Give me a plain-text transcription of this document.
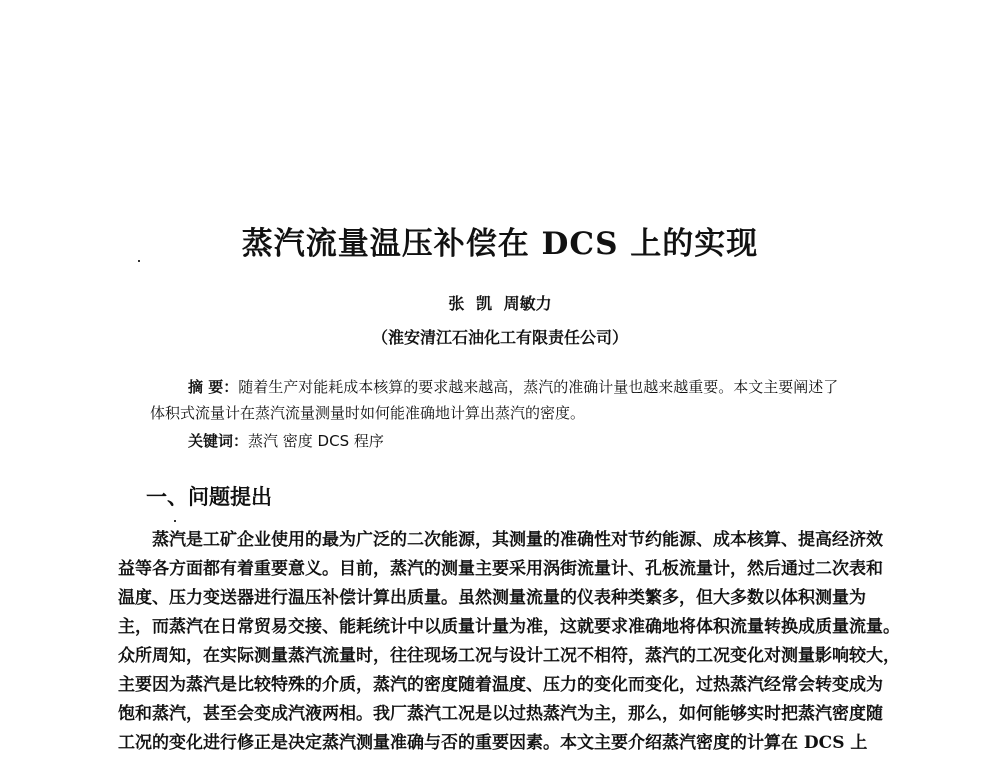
蒸汽流量温压补偿在 DCS 上的实现
张 凯 周敏力
（淮安清江石油化工有限责任公司）
摘 要：随着生产对能耗成本核算的要求越来越高，蒸汽的准确计量也越来越重要。本文主要阐述了
体积式流量计在蒸汽流量测量时如何能准确地计算出蒸汽的密度。
关键词：蒸汽 密度 DCS 程序
一、问题提出
蒸汽是工矿企业使用的最为广泛的二次能源，其测量的准确性对节约能源、成本核算、提高经济效
益等各方面都有着重要意义。目前，蒸汽的测量主要采用涡街流量计、孔板流量计，然后通过二次表和
温度、压力变送器进行温压补偿计算出质量。虽然测量流量的仪表种类繁多，但大多数以体积测量为
主，而蒸汽在日常贸易交接、能耗统计中以质量计量为准，这就要求准确地将体积流量转换成质量流量。
众所周知，在实际测量蒸汽流量时，往往现场工况与设计工况不相符，蒸汽的工况变化对测量影响较大，
主要因为蒸汽是比较特殊的介质，蒸汽的密度随着温度、压力的变化而变化，过热蒸汽经常会转变成为
饱和蒸汽，甚至会变成汽液两相。我厂蒸汽工况是以过热蒸汽为主，那么，如何能够实时把蒸汽密度随
工况的变化进行修正是决定蒸汽测量准确与否的重要因素。本文主要介绍蒸汽密度的计算在 DCS 上
